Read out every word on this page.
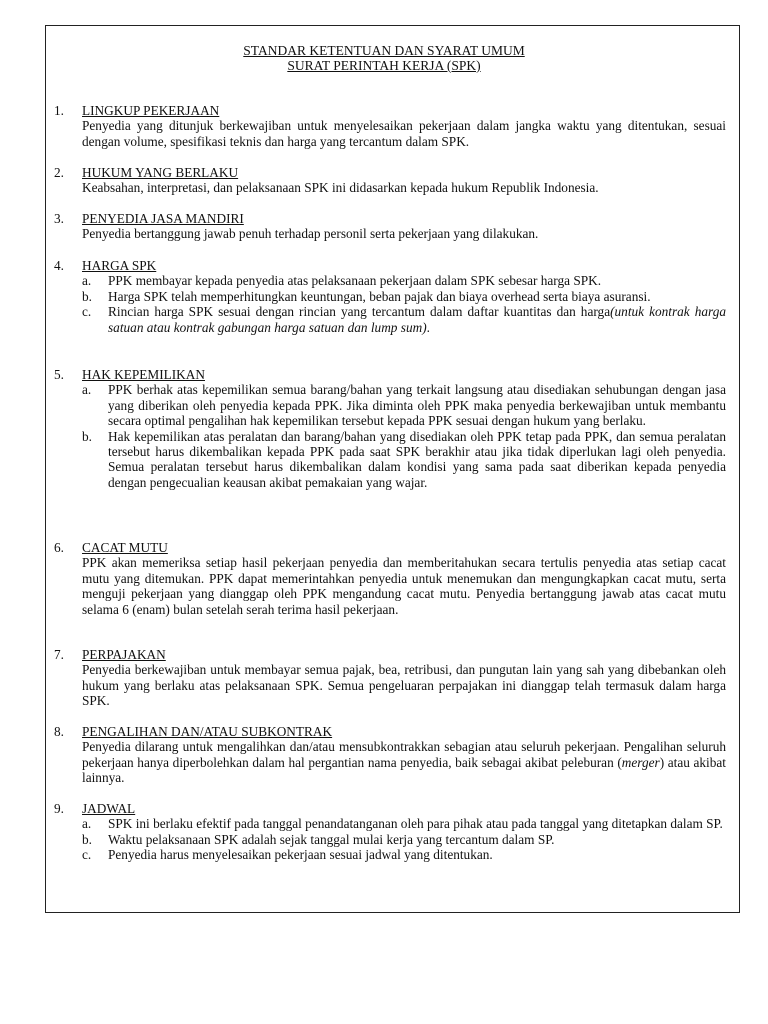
STANDAR KETENTUAN DAN SYARAT UMUM

SURAT PERINTAH KERJA (SPK)

1.	LINGKUP PEKERJAAN
Penyedia yang ditunjuk berkewajiban untuk menyelesaikan pekerjaan dalam jangka waktu yang ditentukan, sesuai dengan volume, spesifikasi teknis dan harga yang tercantum dalam SPK.
2.	HUKUM YANG BERLAKU
Keabsahan, interpretasi, dan pelaksanaan SPK ini didasarkan kepada hukum Republik Indonesia.
3.	PENYEDIA JASA MANDIRI
Penyedia bertanggung jawab penuh terhadap personil serta pekerjaan yang dilakukan.
4.	HARGA SPK
a.	PPK membayar kepada penyedia atas pelaksanaan pekerjaan dalam SPK sebesar harga SPK.
b.	Harga SPK telah memperhitungkan keuntungan, beban pajak dan biaya overhead serta biaya asuransi.
c.	Rincian harga SPK sesuai dengan rincian yang tercantum dalam daftar kuantitas dan harga(untuk kontrak harga satuan atau kontrak gabungan harga satuan dan lump sum).
5.	HAK KEPEMILIKAN
a.	PPK berhak atas kepemilikan semua barang/bahan yang terkait langsung atau disediakan sehubungan dengan jasa yang diberikan oleh penyedia kepada PPK. Jika diminta oleh PPK maka penyedia berkewajiban untuk membantu secara optimal pengalihan hak kepemilikan tersebut kepada PPK sesuai dengan hukum yang berlaku.
b.	Hak kepemilikan atas peralatan dan barang/bahan yang disediakan oleh PPK tetap pada PPK, dan semua peralatan tersebut harus dikembalikan kepada PPK pada saat SPK berakhir atau jika tidak diperlukan lagi oleh penyedia. Semua peralatan tersebut harus dikembalikan dalam kondisi yang sama pada saat diberikan kepada penyedia dengan pengecualian keausan akibat pemakaian yang wajar.
6.	CACAT MUTU
PPK akan memeriksa setiap hasil pekerjaan penyedia dan memberitahukan secara tertulis penyedia atas setiap cacat mutu yang ditemukan. PPK dapat memerintahkan penyedia untuk menemukan dan mengungkapkan cacat mutu, serta menguji pekerjaan yang dianggap oleh PPK mengandung cacat mutu. Penyedia bertanggung jawab atas cacat mutu selama 6 (enam) bulan setelah serah terima hasil pekerjaan.
7.	PERPAJAKAN
Penyedia berkewajiban untuk membayar semua pajak, bea, retribusi, dan pungutan lain yang sah yang dibebankan oleh hukum yang berlaku atas pelaksanaan SPK. Semua pengeluaran perpajakan ini dianggap telah termasuk dalam harga SPK.
8.	PENGALIHAN DAN/ATAU SUBKONTRAK
Penyedia dilarang untuk mengalihkan dan/atau mensubkontrakkan sebagian atau seluruh pekerjaan. Pengalihan seluruh pekerjaan hanya diperbolehkan dalam hal pergantian nama penyedia, baik sebagai akibat peleburan (merger) atau akibat lainnya.
9.	JADWAL
a.	SPK ini berlaku efektif pada tanggal penandatanganan oleh para pihak atau pada tanggal yang ditetapkan dalam SP.
b.	Waktu pelaksanaan SPK adalah sejak tanggal mulai kerja yang tercantum dalam SP.
c.	Penyedia harus menyelesaikan pekerjaan sesuai jadwal yang ditentukan.
